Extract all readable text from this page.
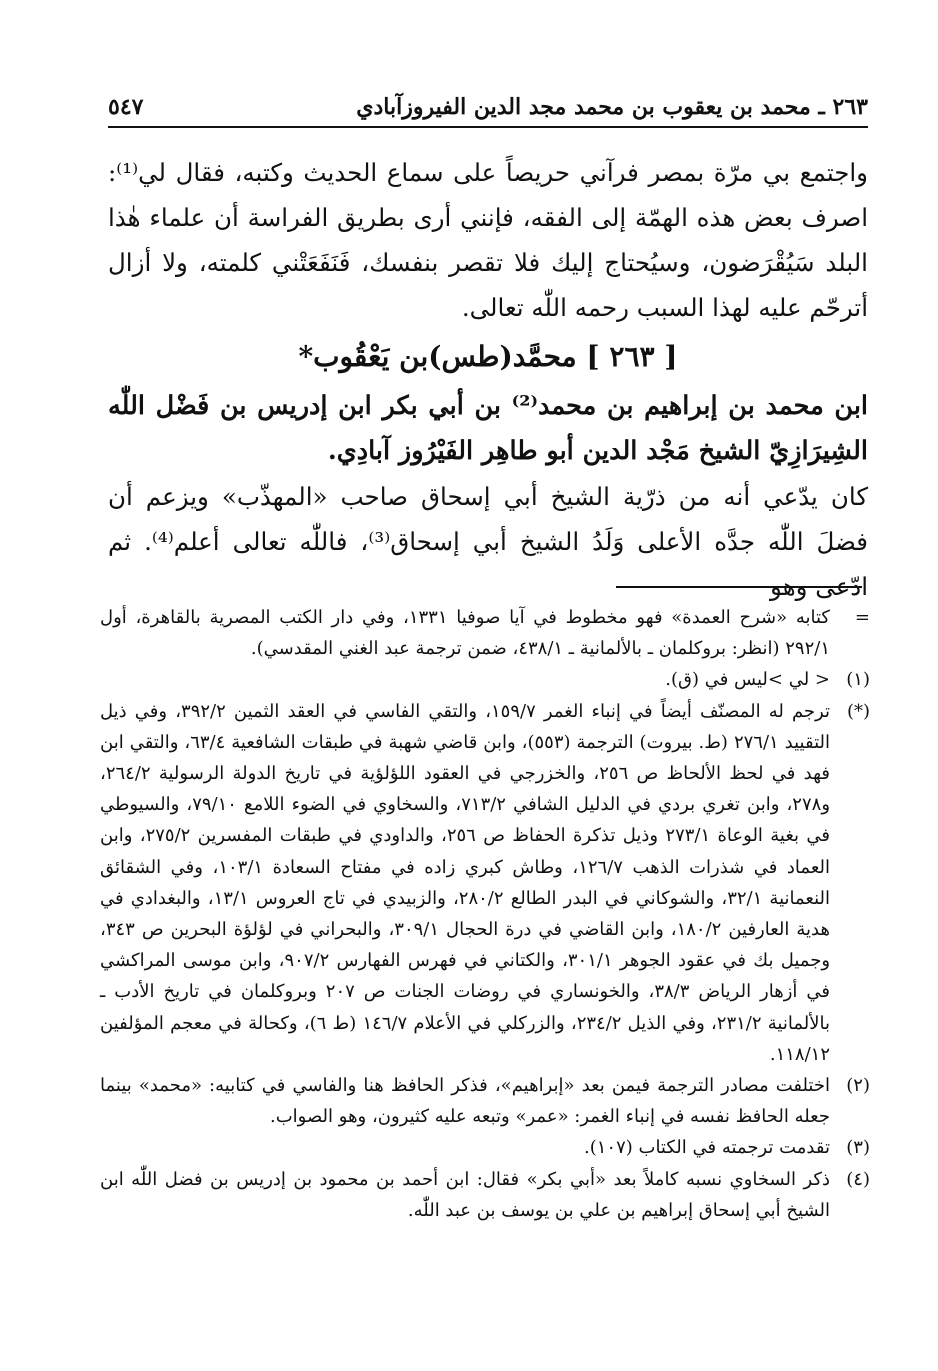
٢٦٣ ـ محمد بن يعقوب بن محمد مجد الدين الفيروزآبادي
٥٤٧

واجتمع بي مرّة بمصر فرآني حريصاً على سماع الحديث وكتبه، فقال لي⁽¹⁾: اصرف بعض هذه الهمّة إلى الفقه، فإنني أرى بطريق الفراسة أن علماء هٰذا البلد سَيُقْرَضون، وسيُحتاج إليك فلا تقصر بنفسك، فَنَفَعَتْني كلمته، ولا أزال أترحّم عليه لهذا السبب رحمه اللّٰه تعالى.

[ ٢٦٣ ] محمَّد(طس)بن يَعْقُوب*

ابن محمد بن إبراهيم بن محمد⁽²⁾ بن أبي بكر ابن إدريس بن فَضْل اللّٰه الشِيرَازِيّ الشيخ مَجْد الدين أبو طاهِر الفَيْرُوز آبادِي.

كان يدّعي أنه من ذرّية الشيخ أبي إسحاق صاحب «المهذّب» ويزعم أن فضلَ اللّٰه جدَّه الأعلى وَلَدُ الشيخ أبي إسحاق⁽³⁾، فاللّٰه تعالى أعلم⁽⁴⁾. ثم ادّعى وهو

=
كتابه «شرح العمدة» فهو مخطوط في آيا صوفيا ١٣٣١، وفي دار الكتب المصرية بالقاهرة، أول ٢٩٢/١ (انظر: بروكلمان ـ بالألمانية ـ ٤٣٨/١، ضمن ترجمة عبد الغني المقدسي).
(١)
< لي >ليس في (ق).
(*)
ترجم له المصنّف أيضاً في إنباء الغمر ١٥٩/٧، والتقي الفاسي في العقد الثمين ٣٩٢/٢، وفي ذيل التقييد ٢٧٦/١ (ط. بيروت) الترجمة (٥٥٣)، وابن قاضي شهبة في طبقات الشافعية ٦٣/٤، والتقي ابن فهد في لحظ الألحاظ ص ٢٥٦، والخزرجي في العقود اللؤلؤية في تاريخ الدولة الرسولية ٢٦٤/٢، و٢٧٨، وابن تغري بردي في الدليل الشافي ٧١٣/٢، والسخاوي في الضوء اللامع ٧٩/١٠، والسيوطي في بغية الوعاة ٢٧٣/١ وذيل تذكرة الحفاظ ص ٢٥٦، والداودي في طبقات المفسرين ٢٧٥/٢، وابن العماد في شذرات الذهب ١٢٦/٧، وطاش كبري زاده في مفتاح السعادة ١٠٣/١، وفي الشقائق النعمانية ٣٢/١، والشوكاني في البدر الطالع ٢٨٠/٢، والزبيدي في تاج العروس ١٣/١، والبغدادي في هدية العارفين ١٨٠/٢، وابن القاضي في درة الحجال ٣٠٩/١، والبحراني في لؤلؤة البحرين ص ٣٤٣، وجميل بك في عقود الجوهر ٣٠١/١، والكتاني في فهرس الفهارس ٩٠٧/٢، وابن موسى المراكشي في أزهار الرياض ٣٨/٣، والخونساري في روضات الجنات ص ٢٠٧ وبروكلمان في تاريخ الأدب ـ بالألمانية ٢٣١/٢، وفي الذيل ٢٣٤/٢، والزركلي في الأعلام ١٤٦/٧ (ط ٦)، وكحالة في معجم المؤلفين ١١٨/١٢.
(٢)
اختلفت مصادر الترجمة فيمن بعد «إبراهيم»، فذكر الحافظ هنا والفاسي في كتابيه: «محمد» بينما جعله الحافظ نفسه في إنباء الغمر: «عمر» وتبعه عليه كثيرون، وهو الصواب.
(٣)
تقدمت ترجمته في الكتاب (١٠٧).
(٤)
ذكر السخاوي نسبه كاملاً بعد «أبي بكر» فقال: ابن أحمد بن محمود بن إدريس بن فضل اللّٰه ابن الشيخ أبي إسحاق إبراهيم بن علي بن يوسف بن عبد اللّٰه.
